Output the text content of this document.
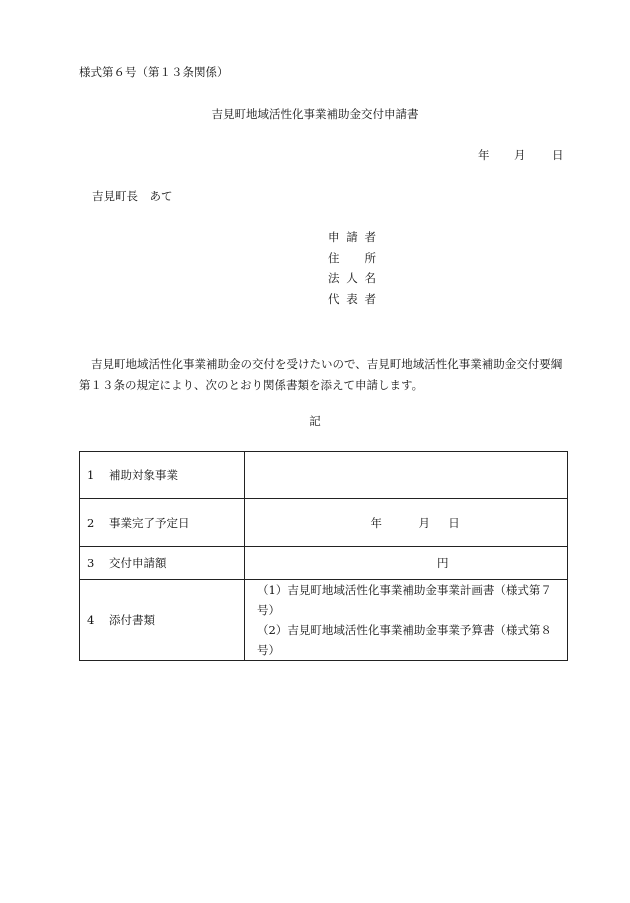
様式第６号（第１３条関係）
吉見町地域活性化事業補助金交付申請書
年 月 日
吉見町長　あて
申請者
住所
法人名
代表者
吉見町地域活性化事業補助金の交付を受けたいので、吉見町地域活性化事業補助金交付要綱第１３条の規定により、次のとおり関係書類を添えて申請します。
記
1 補助対象事業	
2 事業完了予定日	年 月 日
3 交付申請額	円
4 添付書類	（1）吉見町地域活性化事業補助金事業計画書（様式第７号）
（2）吉見町地域活性化事業補助金事業予算書（様式第８号）
